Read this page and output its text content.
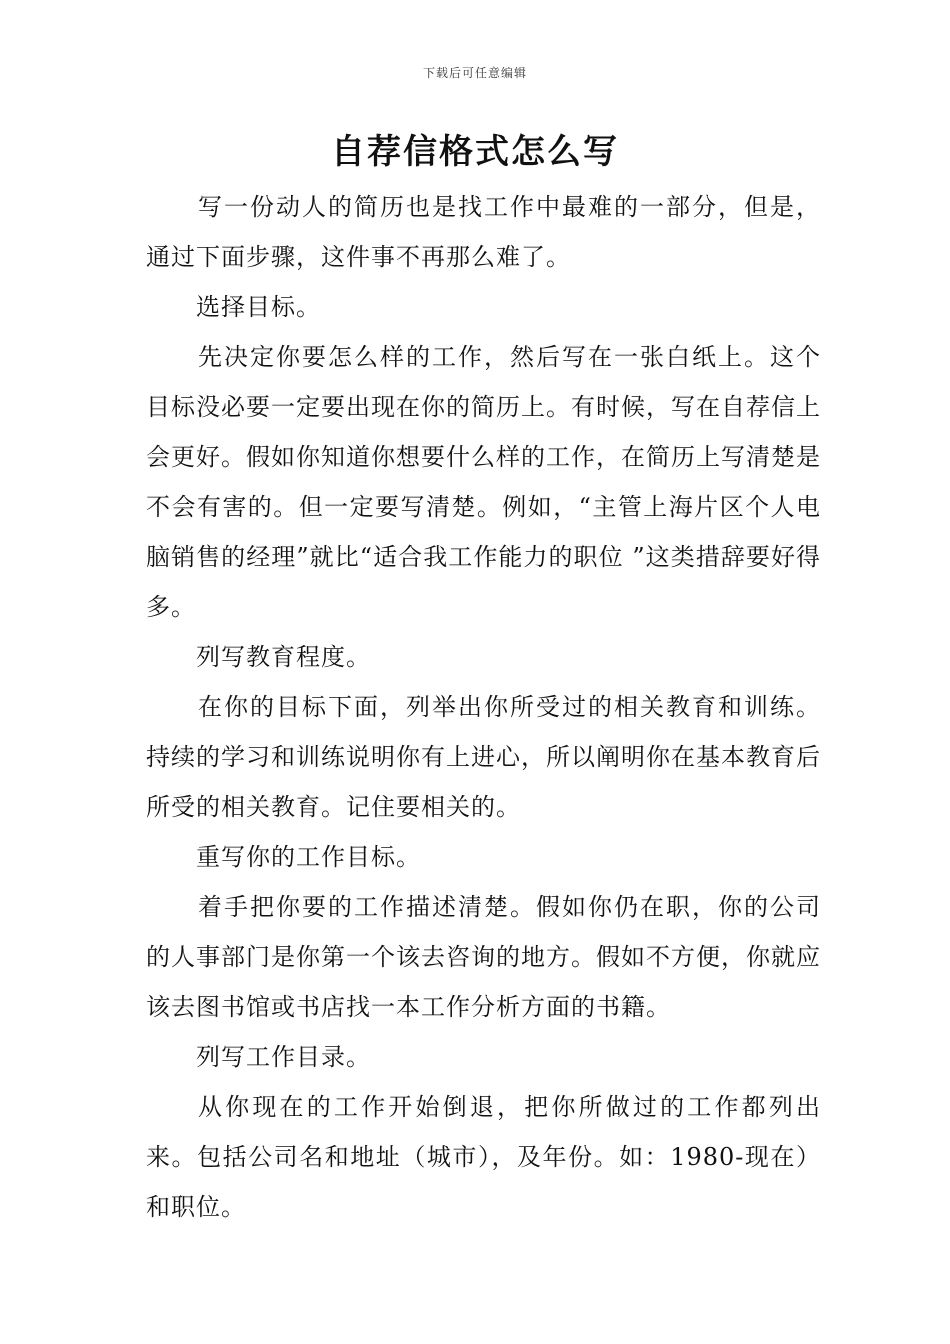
下载后可任意编辑
自荐信格式怎么写

写一份动人的简历也是找工作中最难的一部分，但是，通过下面步骤，这件事不再那么难了。

选择目标。

先决定你要怎么样的工作，然后写在一张白纸上。这个目标没必要一定要出现在你的简历上。有时候，写在自荐信上会更好。假如你知道你想要什么样的工作，在简历上写清楚是不会有害的。但一定要写清楚。例如，“主管上海片区个人电脑销售的经理”就比“适合我工作能力的职位 ”这类措辞要好得多。

列写教育程度。

在你的目标下面，列举出你所受过的相关教育和训练。持续的学习和训练说明你有上进心，所以阐明你在基本教育后所受的相关教育。记住要相关的。

重写你的工作目标。

着手把你要的工作描述清楚。假如你仍在职，你的公司的人事部门是你第一个该去咨询的地方。假如不方便，你就应该去图书馆或书店找一本工作分析方面的书籍。

列写工作目录。

从你现在的工作开始倒退，把你所做过的工作都列出来。包括公司名和地址（城市），及年份。如：1980-现在）和职位。
